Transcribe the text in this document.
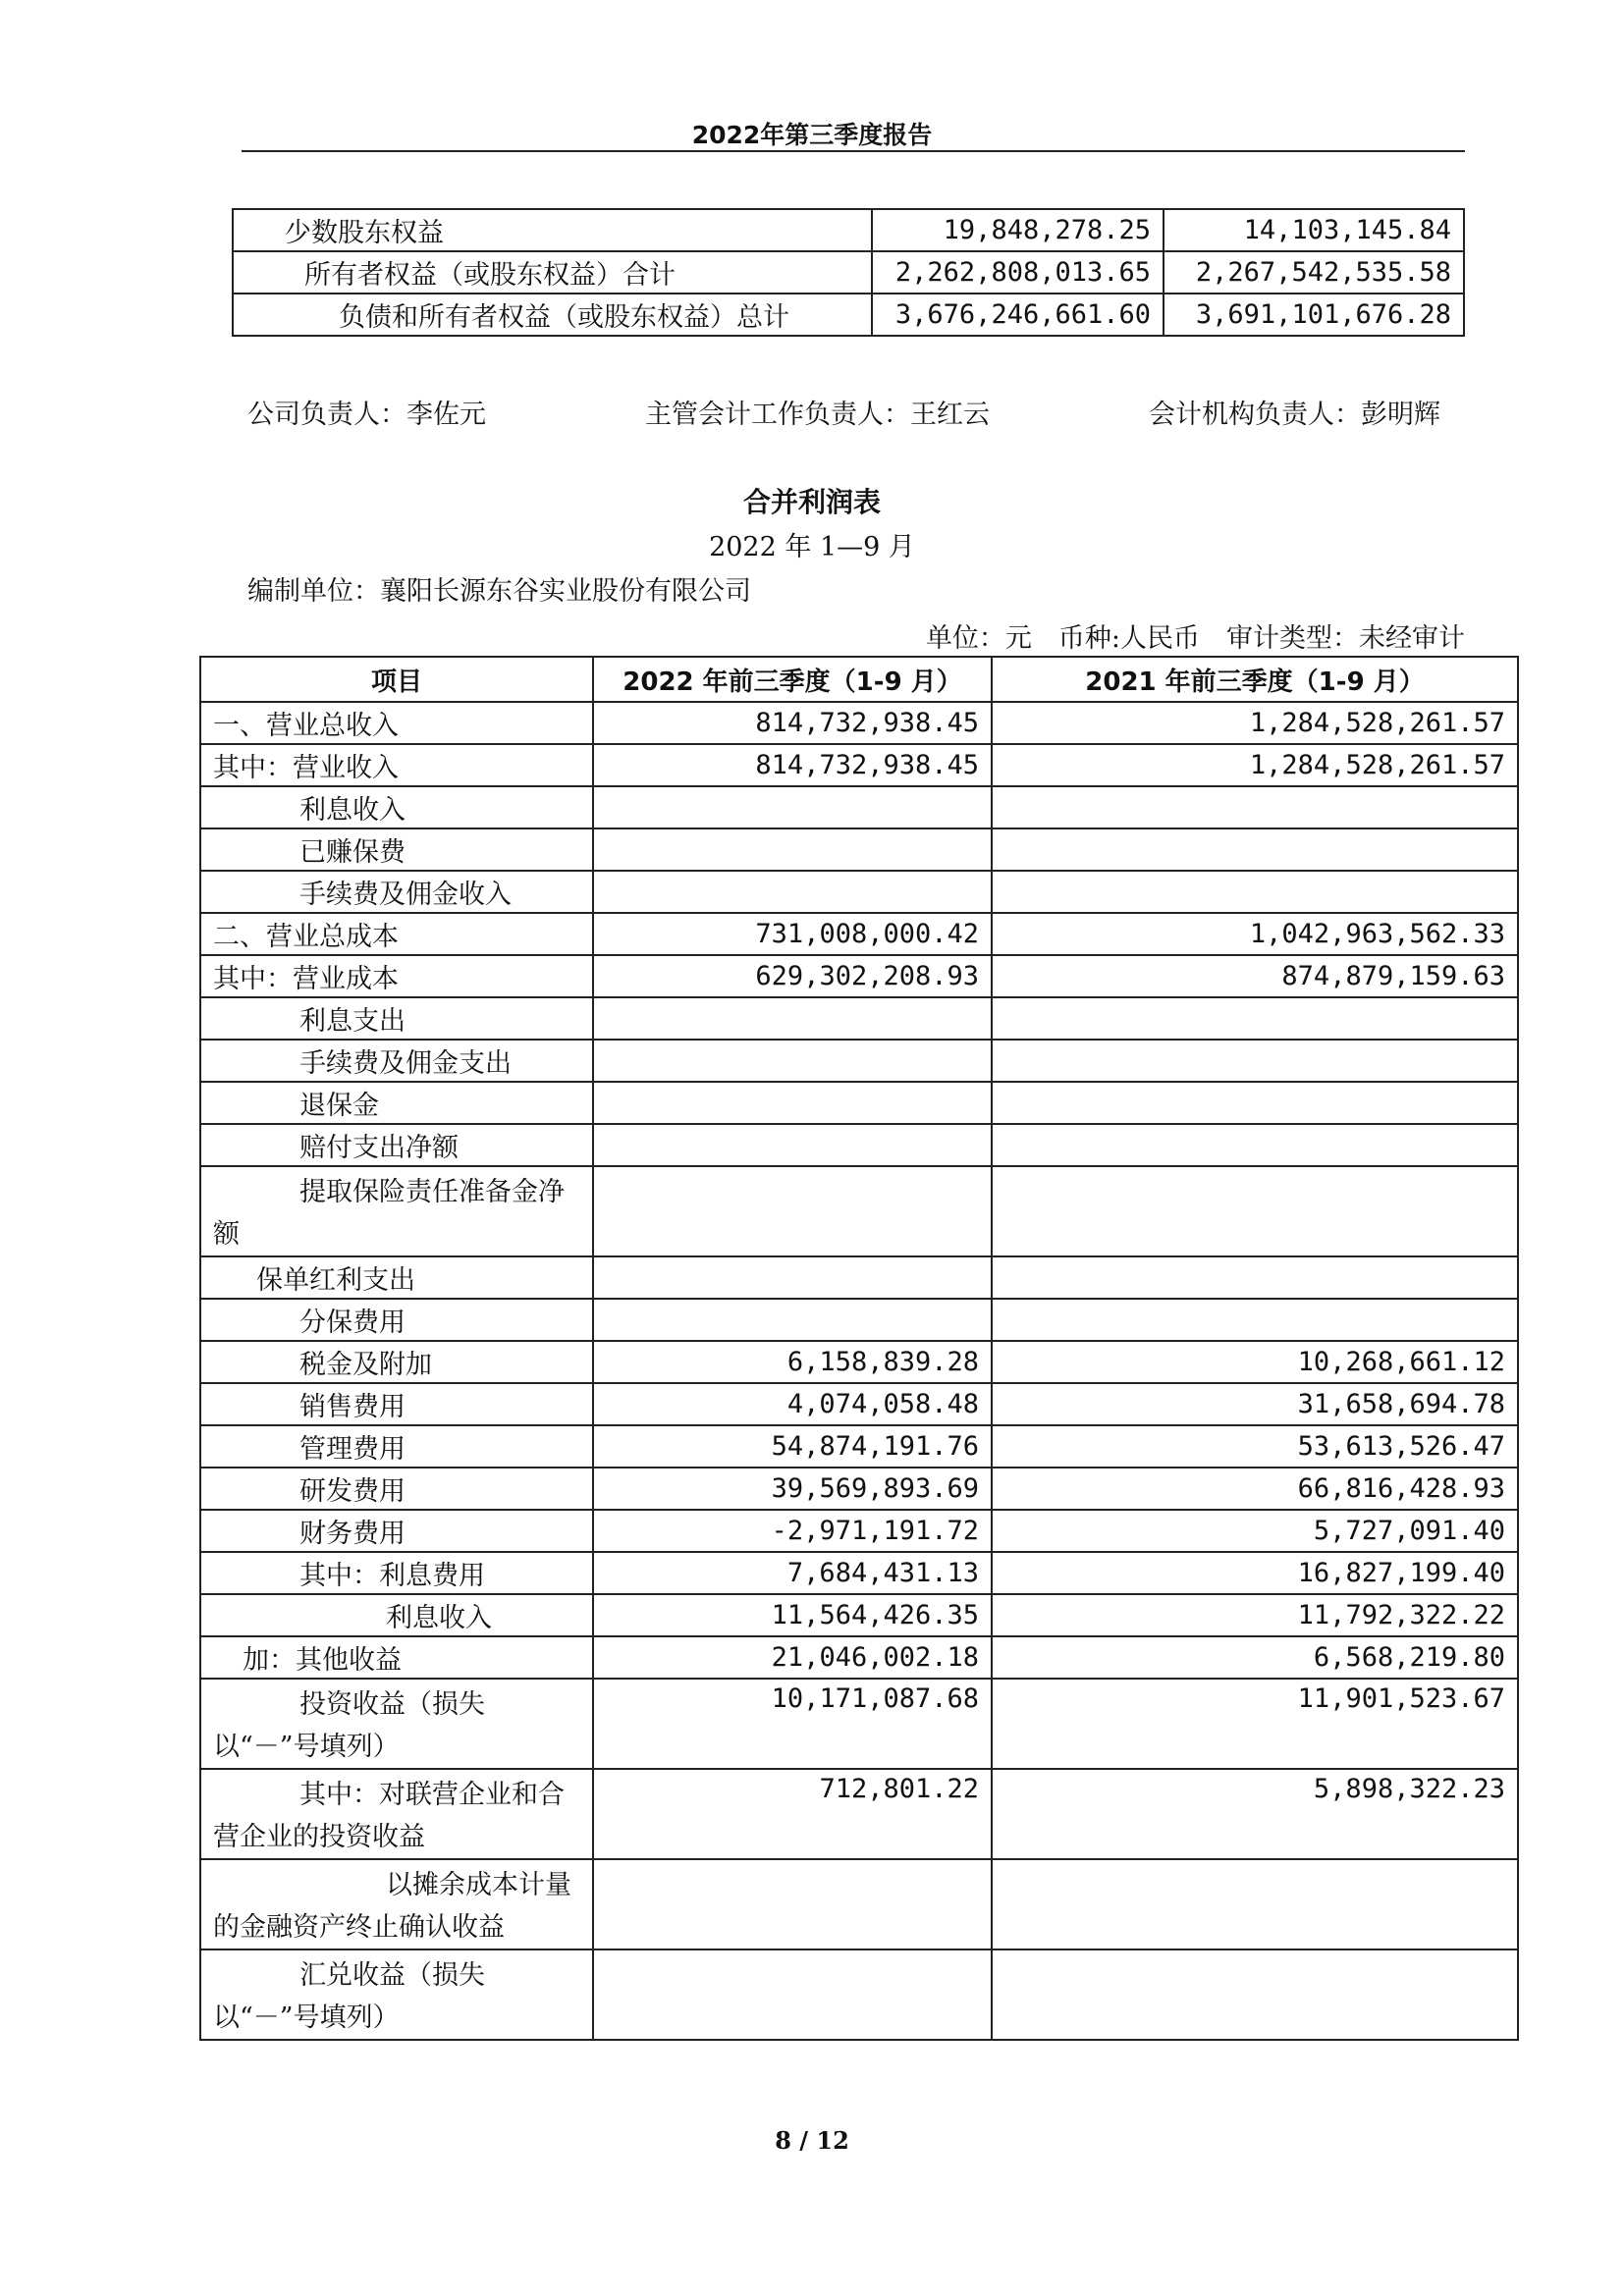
2022年第三季度报告
少数股东权益	19,848,278.25	14,103,145.84
所有者权益（或股东权益）合计	2,262,808,013.65	2,267,542,535.58
负债和所有者权益（或股东权益）总计	3,676,246,661.60	3,691,101,676.28
公司负责人：李佐元	主管会计工作负责人：王红云	会计机构负责人：彭明辉
合并利润表
2022 年 1—9 月
编制单位：襄阳长源东谷实业股份有限公司
单位：元　币种:人民币　审计类型：未经审计
项目	2022 年前三季度（1-9 月）	2021 年前三季度（1-9 月）
一、营业总收入	814,732,938.45	1,284,528,261.57
其中：营业收入	814,732,938.45	1,284,528,261.57
利息收入		
已赚保费		
手续费及佣金收入		
二、营业总成本	731,008,000.42	1,042,963,562.33
其中：营业成本	629,302,208.93	874,879,159.63
利息支出		
手续费及佣金支出		
退保金		
赔付支出净额		
提取保险责任准备金净额		
保单红利支出		
分保费用		
税金及附加	6,158,839.28	10,268,661.12
销售费用	4,074,058.48	31,658,694.78
管理费用	54,874,191.76	53,613,526.47
研发费用	39,569,893.69	66,816,428.93
财务费用	-2,971,191.72	5,727,091.40
其中：利息费用	7,684,431.13	16,827,199.40
利息收入	11,564,426.35	11,792,322.22
加：其他收益	21,046,002.18	6,568,219.80
投资收益（损失以“－”号填列）	10,171,087.68	11,901,523.67
其中：对联营企业和合营企业的投资收益	712,801.22	5,898,322.23
以摊余成本计量的金融资产终止确认收益		
汇兑收益（损失以“－”号填列）		
8 / 12
